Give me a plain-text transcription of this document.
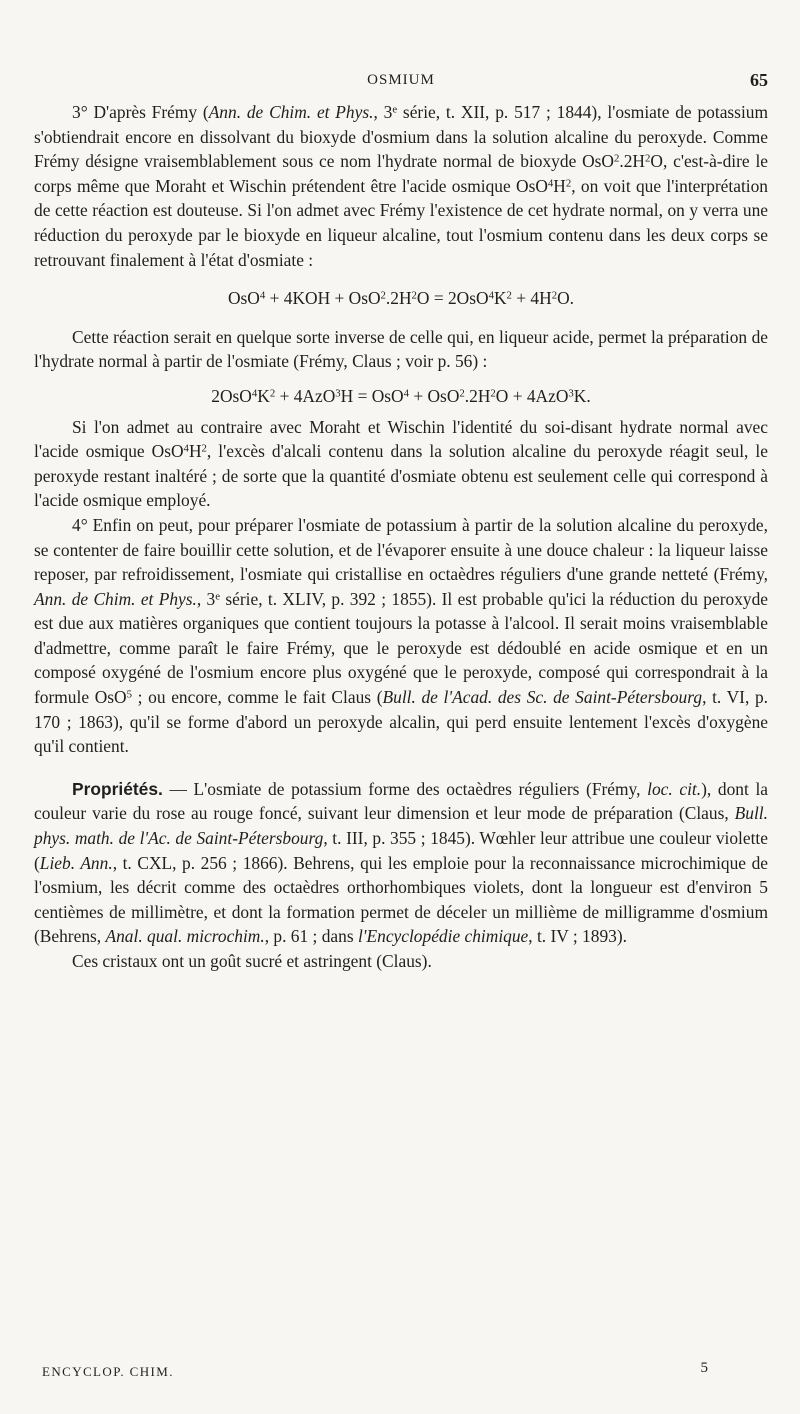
OSMIUM	65

3° D'après Frémy (Ann. de Chim. et Phys., 3e série, t. XII, p. 517 ; 1844), l'osmiate de potassium s'obtiendrait encore en dissolvant du bioxyde d'osmium dans la solution alcaline du peroxyde. Comme Frémy désigne vraisemblablement sous ce nom l'hydrate normal de bioxyde $OsO^2.2H^2O$, c'est-à-dire le corps même que Moraht et Wischin prétendent être l'acide osmique $OsO^4H^2$, on voit que l'interprétation de cette réaction est douteuse. Si l'on admet avec Frémy l'existence de cet hydrate normal, on y verra une réduction du peroxyde par le bioxyde en liqueur alcaline, tout l'osmium contenu dans les deux corps se retrouvant finalement à l'état d'osmiate :

$OsO^4 + 4KOH + OsO^2.2H^2O = 2OsO^4K^2 + 4H^2O$.

Cette réaction serait en quelque sorte inverse de celle qui, en liqueur acide, permet la préparation de l'hydrate normal à partir de l'osmiate (Frémy, Claus ; voir p. 56) :

$2OsO^4K^2 + 4AzO^3H = OsO^4 + OsO^2.2H^2O + 4AzO^3K$.

Si l'on admet au contraire avec Moraht et Wischin l'identité du soi-disant hydrate normal avec l'acide osmique $OsO^4H^2$, l'excès d'alcali contenu dans la solution alcaline du peroxyde réagit seul, le peroxyde restant inaltéré ; de sorte que la quantité d'osmiate obtenu est seulement celle qui correspond à l'acide osmique employé.

4° Enfin on peut, pour préparer l'osmiate de potassium à partir de la solution alcaline du peroxyde, se contenter de faire bouillir cette solution, et de l'évaporer ensuite à une douce chaleur : la liqueur laisse reposer, par refroidissement, l'osmiate qui cristallise en octaèdres réguliers d'une grande netteté (Frémy, Ann. de Chim. et Phys., 3e série, t. XLIV, p. 392 ; 1855). Il est probable qu'ici la réduction du peroxyde est due aux matières organiques que contient toujours la potasse à l'alcool. Il serait moins vraisemblable d'admettre, comme paraît le faire Frémy, que le peroxyde est dédoublé en acide osmique et en un composé oxygéné de l'osmium encore plus oxygéné que le peroxyde, composé qui correspondrait à la formule OsO$^5$ ; ou encore, comme le fait Claus (Bull. de l'Acad. des Sc. de Saint-Pétersbourg, t. VI, p. 170 ; 1863), qu'il se forme d'abord un peroxyde alcalin, qui perd ensuite lentement l'excès d'oxygène qu'il contient.

Propriétés. — L'osmiate de potassium forme des octaèdres réguliers (Frémy, loc. cit.), dont la couleur varie du rose au rouge foncé, suivant leur dimension et leur mode de préparation (Claus, Bull. phys. math. de l'Ac. de Saint-Pétersbourg, t. III, p. 355 ; 1845). Wœhler leur attribue une couleur violette (Lieb. Ann., t. CXL, p. 256 ; 1866). Behrens, qui les emploie pour la reconnaissance microchimique de l'osmium, les décrit comme des octaèdres orthorhombiques violets, dont la longueur est d'environ 5 centièmes de millimètre, et dont la formation permet de déceler un millième de milligramme d'osmium (Behrens, Anal. qual. microchim., p. 61 ; dans l'Encyclopédie chimique, t. IV ; 1893).

Ces cristaux ont un goût sucré et astringent (Claus).

ENCYCLOP. CHIM.	5
